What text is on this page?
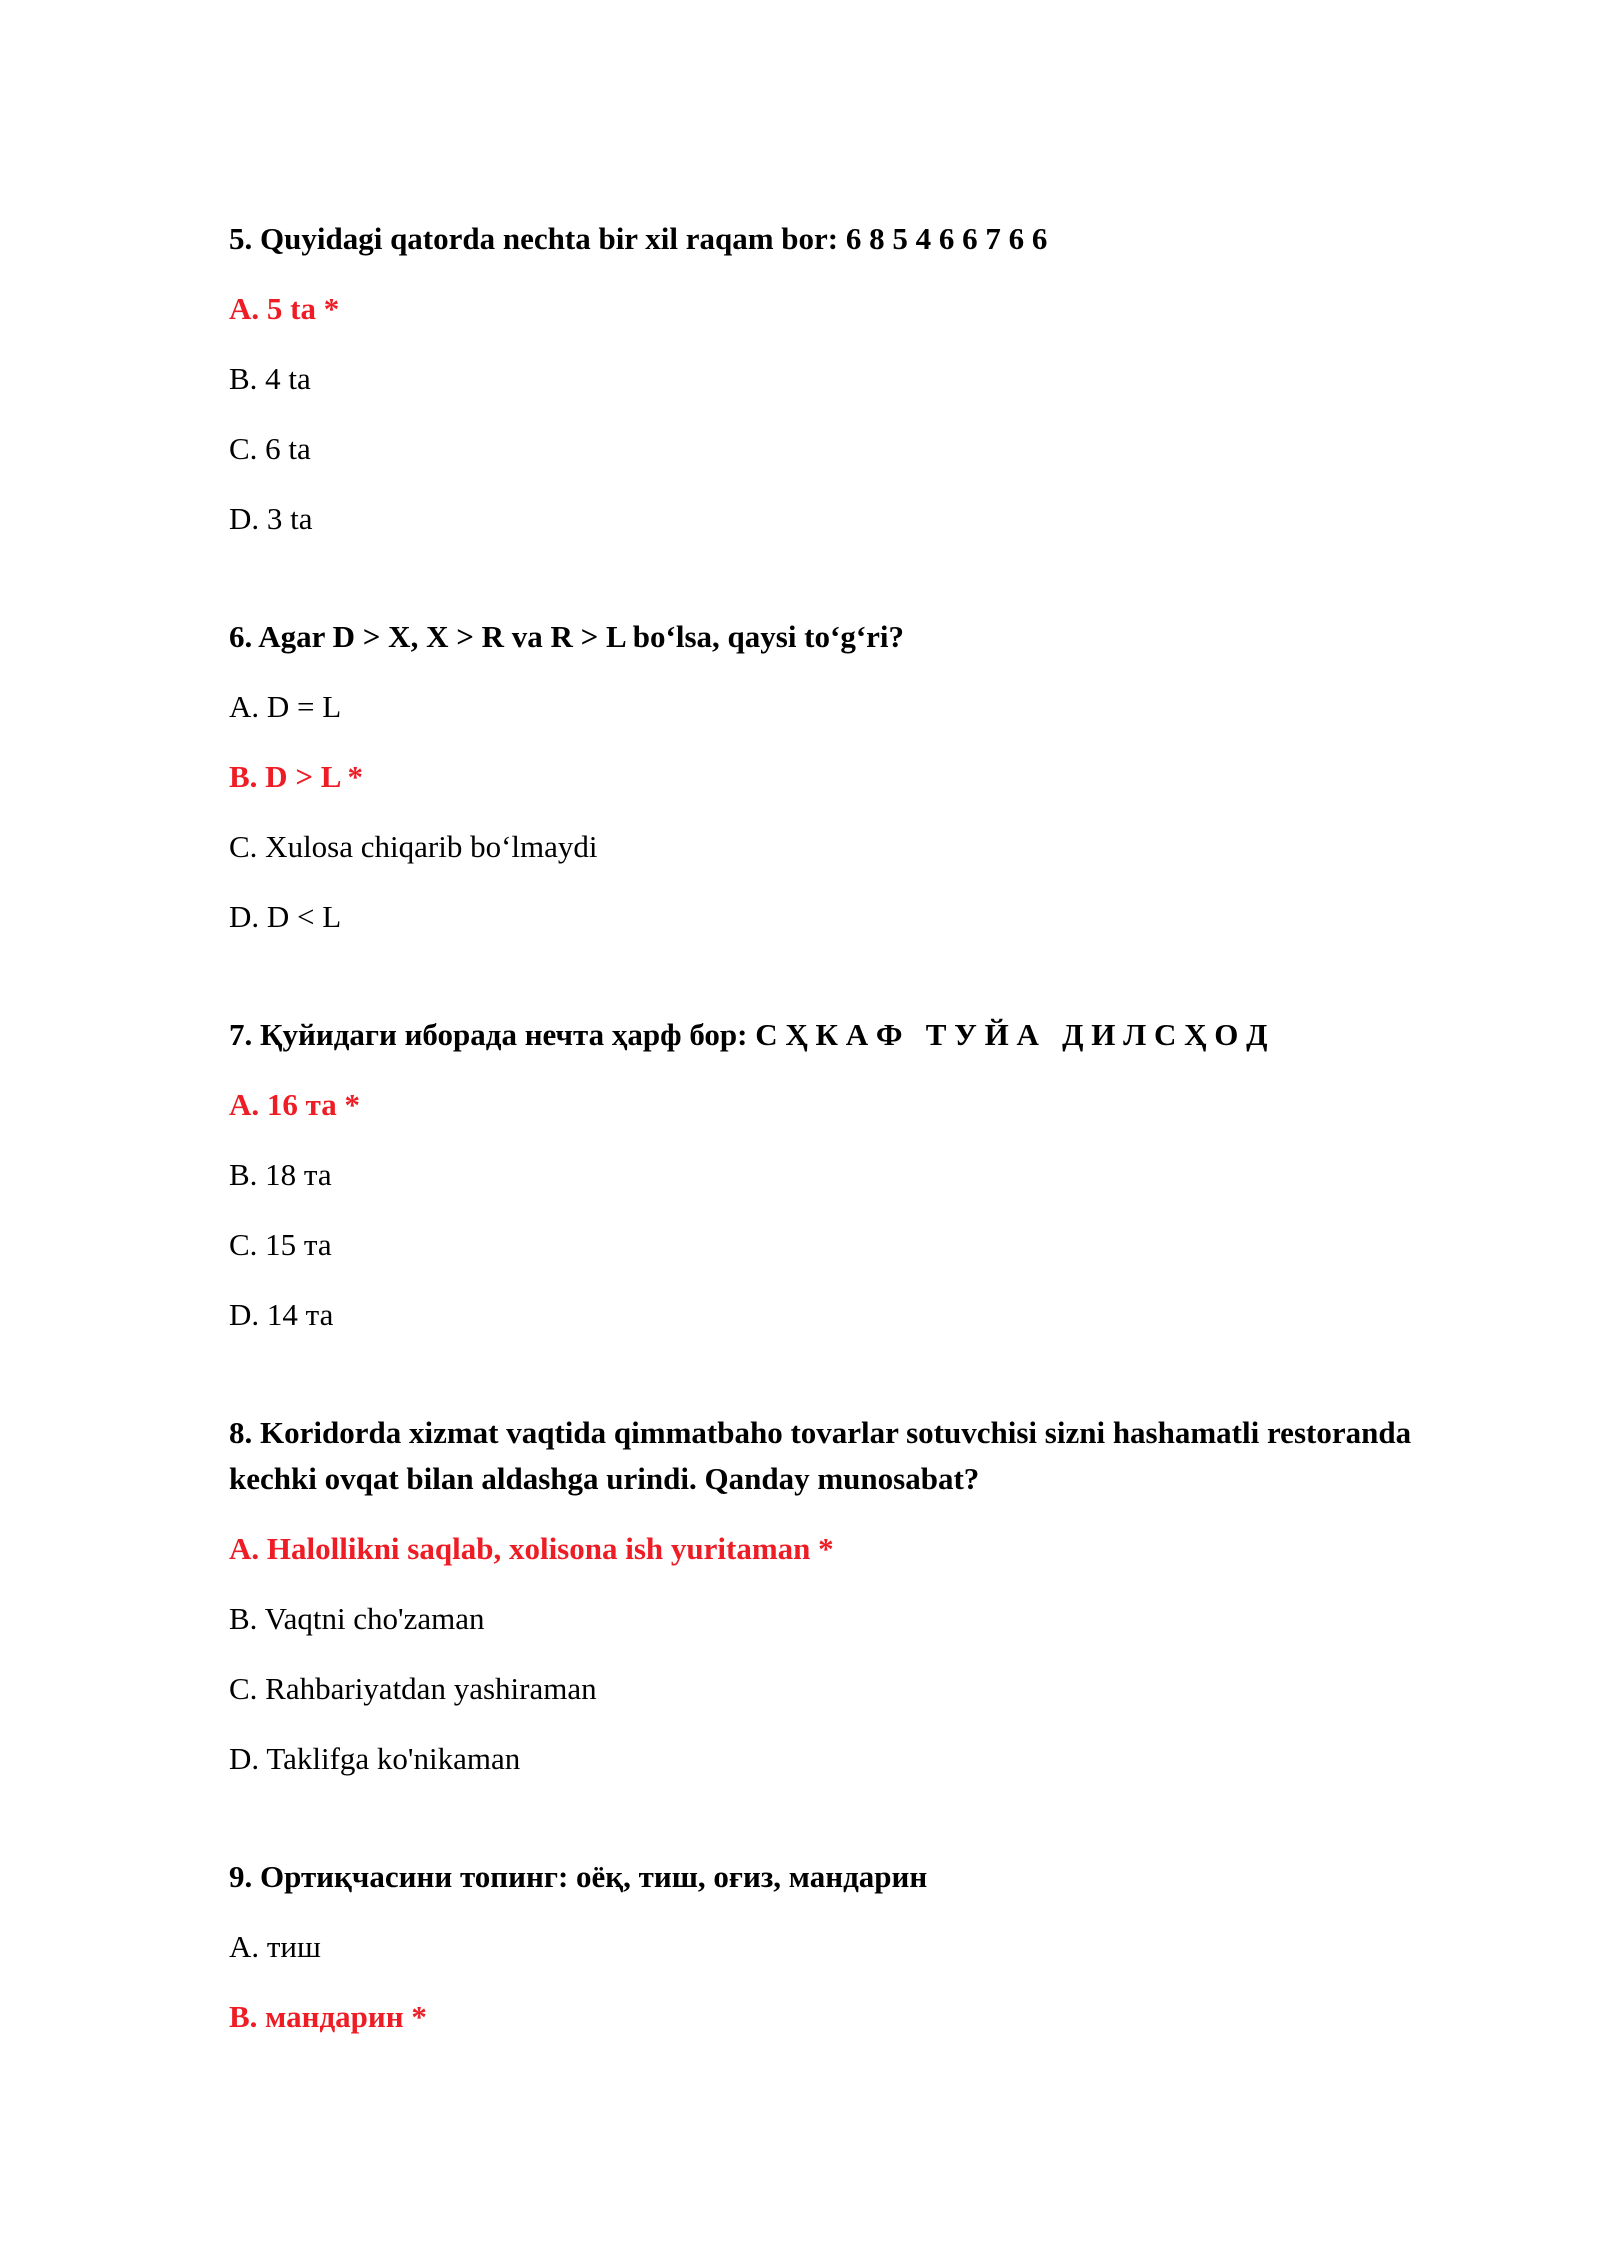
5. Quyidagi qatorda nechta bir xil raqam bor: 6 8 5 4 6 6 7 6 6
A. 5 ta *
B. 4 ta
C. 6 ta
D. 3 ta
6. Agar D > X, X > R va R > L bo‘lsa, qaysi to‘g‘ri?
A. D = L
B. D > L *
C. Xulosa chiqarib bo‘lmaydi
D. D < L
7. Қуйидаги иборада нечта ҳарф бор: С Ҳ К А Ф   Т У Й А   Д И Л С Ҳ О Д
A. 16 та *
B. 18 та
C. 15 та
D. 14 та
8. Koridorda xizmat vaqtida qimmatbaho tovarlar sotuvchisi sizni hashamatli restoranda kechki ovqat bilan aldashga urindi. Qanday munosabat?
A. Halollikni saqlab, xolisona ish yuritaman *
B. Vaqtni cho'zaman
C. Rahbariyatdan yashiraman
D. Taklifga ko'nikaman
9. Ортиқчасини топинг: оёқ, тиш, оғиз, мандарин
A. тиш
B. мандарин *
